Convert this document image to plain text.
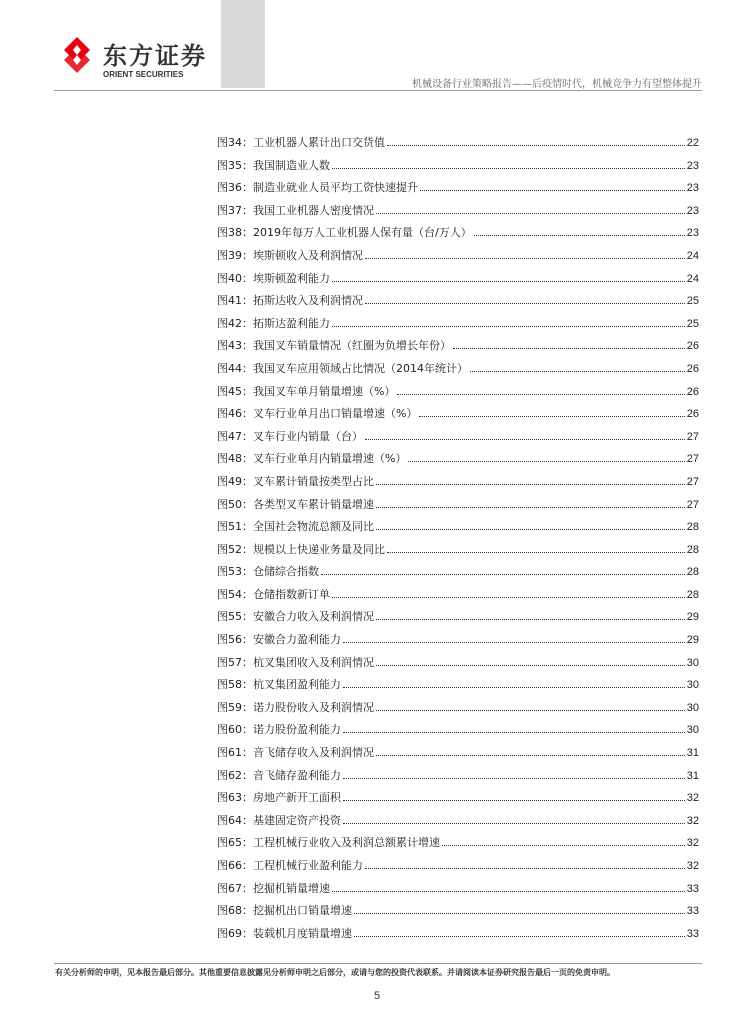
东方证券
ORIENT SECURITIES
机械设备行业策略报告——后疫情时代，机械竞争力有望整体提升
图34：工业机器人累计出口交货值	22
图35：我国制造业人数	23
图36：制造业就业人员平均工资快速提升	23
图37：我国工业机器人密度情况	23
图38：2019年每万人工业机器人保有量（台/万人）	23
图39：埃斯顿收入及利润情况	24
图40：埃斯顿盈利能力	24
图41：拓斯达收入及利润情况	25
图42：拓斯达盈利能力	25
图43：我国叉车销量情况（红圈为负增长年份）	26
图44：我国叉车应用领域占比情况（2014年统计）	26
图45：我国叉车单月销量增速（%）	26
图46：叉车行业单月出口销量增速（%）	26
图47：叉车行业内销量（台）	27
图48：叉车行业单月内销量增速（%）	27
图49：叉车累计销量按类型占比	27
图50：各类型叉车累计销量增速	27
图51：全国社会物流总额及同比	28
图52：规模以上快递业务量及同比	28
图53：仓储综合指数	28
图54：仓储指数新订单	28
图55：安徽合力收入及利润情况	29
图56：安徽合力盈利能力	29
图57：杭叉集团收入及利润情况	30
图58：杭叉集团盈利能力	30
图59：诺力股份收入及利润情况	30
图60：诺力股份盈利能力	30
图61：音飞储存收入及利润情况	31
图62：音飞储存盈利能力	31
图63：房地产新开工面积	32
图64：基建固定资产投资	32
图65：工程机械行业收入及利润总额累计增速	32
图66：工程机械行业盈利能力	32
图67：挖掘机销量增速	33
图68：挖掘机出口销量增速	33
图69：装载机月度销量增速	33
有关分析师的申明，见本报告最后部分。其他重要信息披露见分析师申明之后部分，或请与您的投资代表联系。并请阅读本证券研究报告最后一页的免责申明。
5
